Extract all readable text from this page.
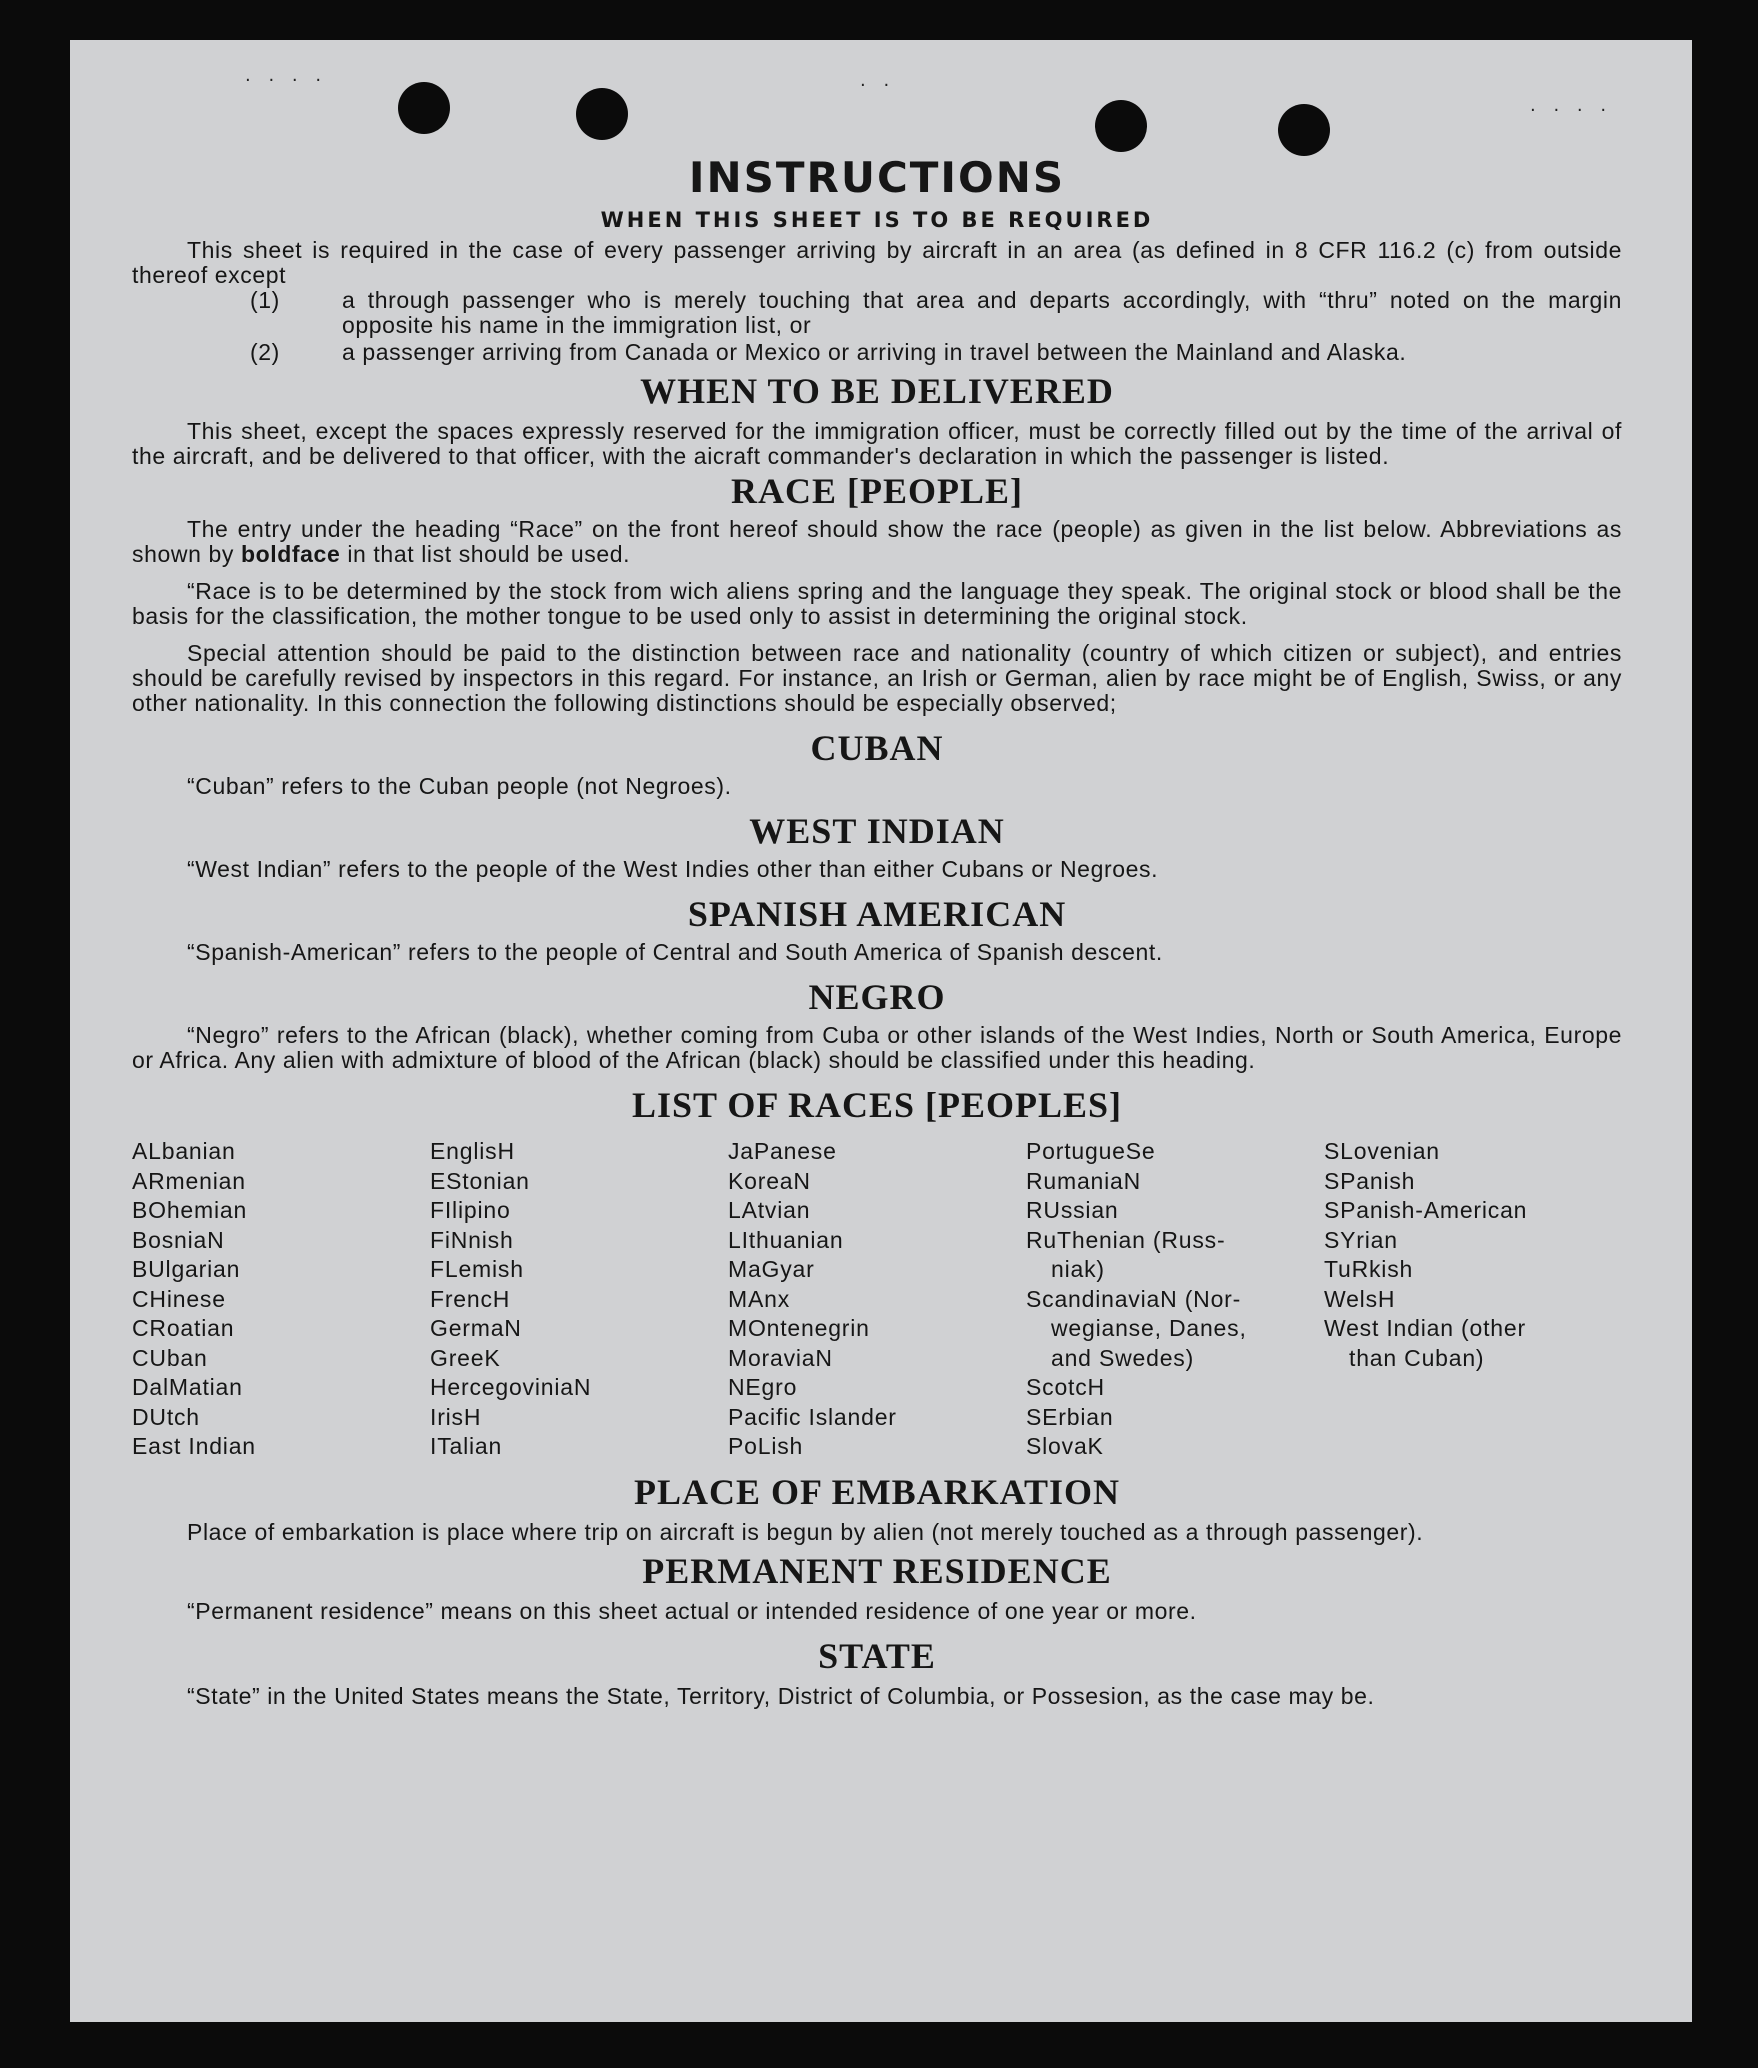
· · · ·	· ·
· · · ·
INSTRUCTIONS
WHEN THIS SHEET IS TO BE REQUIRED

This sheet is required in the case of every passenger arriving by aircraft in an area (as defined in 8 CFR 116.2 (c) from outside thereof except

(1)	a through passenger who is merely touching that area and departs accordingly, with “thru” noted on the margin opposite his name in the immigration list, or
(2)	a passenger arriving from Canada or Mexico or arriving in travel between the Mainland and Alaska.
WHEN TO BE DELIVERED

This sheet, except the spaces expressly reserved for the immigration officer, must be correctly filled out by the time of the arrival of the aircraft, and be delivered to that officer, with the aicraft commander's declaration in which the passenger is listed.

RACE [PEOPLE]

The entry under the heading “Race” on the front hereof should show the race (people) as given in the list below. Abbreviations as shown by boldface in that list should be used.

“Race is to be determined by the stock from wich aliens spring and the language they speak. The original stock or blood shall be the basis for the classification, the mother tongue to be used only to assist in determining the original stock.

Special attention should be paid to the distinction between race and nationality (country of which citizen or subject), and entries should be carefully revised by inspectors in this regard. For instance, an Irish or German, alien by race might be of English, Swiss, or any other nationality. In this connection the following distinctions should be especially observed;

CUBAN

“Cuban” refers to the Cuban people (not Negroes).

WEST INDIAN

“West Indian” refers to the people of the West Indies other than either Cubans or Negroes.

SPANISH AMERICAN

“Spanish-American” refers to the people of Central and South America of Spanish descent.

NEGRO

“Negro” refers to the African (black), whether coming from Cuba or other islands of the West Indies, North or South America, Europe or Africa. Any alien with admixture of blood of the African (black) should be classified under this heading.

LIST OF RACES [PEOPLES]
ALbanian
ARmenian
BOhemian
BosniaN
BUlgarian
CHinese
CRoatian
CUban
DalMatian
DUtch
East Indian
EnglisH
EStonian
FIlipino
FiNnish
FLemish
FrencH
GermaN
GreeK
HercegoviniaN
IrisH
ITalian
JaPanese
KoreaN
LAtvian
LIthuanian
MaGyar
MAnx
MOntenegrin
MoraviaN
NEgro
Pacific Islander
PoLish
PortugueSe
RumaniaN
RUssian
RuThenian (Russ-
niak)
ScandinaviaN (Nor-
wegianse, Danes,
and Swedes)
ScotcH
SErbian
SlovaK
SLovenian
SPanish
SPanish-American
SYrian
TuRkish
WelsH
West Indian (other
than Cuban)
PLACE OF EMBARKATION

Place of embarkation is place where trip on aircraft is begun by alien (not merely touched as a through passenger).

PERMANENT RESIDENCE

“Permanent residence” means on this sheet actual or intended residence of one year or more.

STATE

“State” in the United States means the State, Territory, District of Columbia, or Possesion, as the case may be.
